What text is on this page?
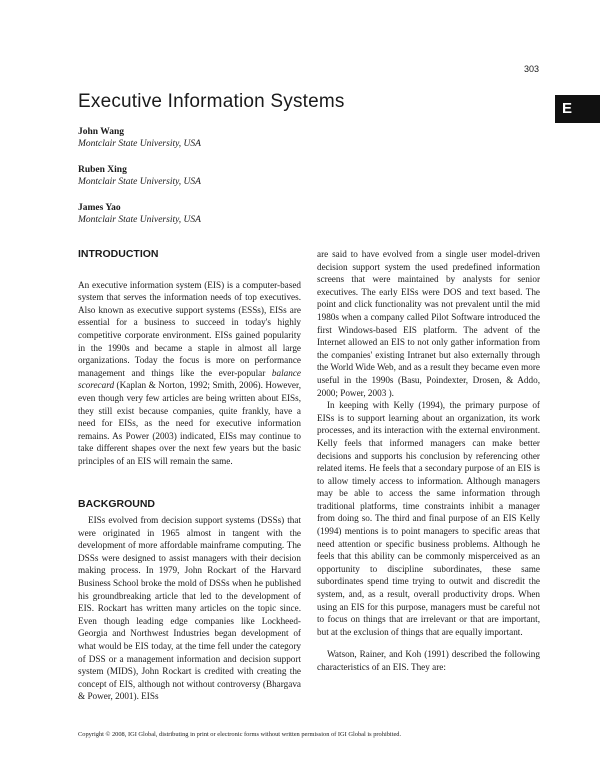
303
E
Executive Information Systems
John Wang
Montclair State University, USA
Ruben Xing
Montclair State University, USA
James Yao
Montclair State University, USA
INTRODUCTION

An executive information system (EIS) is a computer-based system that serves the information needs of top executives. Also known as executive support systems (ESSs), EISs are essential for a business to succeed in today's highly competitive corporate environment. EISs gained popularity in the 1990s and became a staple in almost all large organizations. Today the focus is more on performance management and things like the ever-popular balance scorecard (Kaplan & Norton, 1992; Smith, 2006). However, even though very few articles are being written about EISs, they still exist because companies, quite frankly, have a need for EISs, as the need for executive information remains. As Power (2003) indicated, EISs may continue to take different shapes over the next few years but the basic principles of an EIS will remain the same.

BACKGROUND

EISs evolved from decision support systems (DSSs) that were originated in 1965 almost in tangent with the development of more affordable mainframe computing. The DSSs were designed to assist managers with their decision making process. In 1979, John Rockart of the Harvard Business School broke the mold of DSSs when he published his groundbreaking article that led to the development of EIS. Rockart has written many articles on the topic since. Even though leading edge companies like Lockheed-Georgia and Northwest Industries began development of what would be EIS today, at the time fell under the category of DSS or a management information and decision support system (MIDS), John Rockart is credited with creating the concept of EIS, although not without controversy (Bhargava & Power, 2001). EISs

are said to have evolved from a single user model-driven decision support system the used predefined information screens that were maintained by analysts for senior executives. The early EISs were DOS and text based. The point and click functionality was not prevalent until the mid 1980s when a company called Pilot Software introduced the first Windows-based EIS platform. The advent of the Internet allowed an EIS to not only gather information from the companies' existing Intranet but also externally through the World Wide Web, and as a result they became even more useful in the 1990s (Basu, Poindexter, Drosen, & Addo, 2000; Power, 2003 ).

In keeping with Kelly (1994), the primary purpose of EISs is to support learning about an organization, its work processes, and its interaction with the external environment. Kelly feels that informed managers can make better decisions and supports his conclusion by referencing other related items. He feels that a secondary purpose of an EIS is to allow timely access to information. Although managers may be able to access the same information through traditional platforms, time constraints inhibit a manager from doing so. The third and final purpose of an EIS Kelly (1994) mentions is to point managers to specific areas that need attention or specific business problems. Although he feels that this ability can be commonly misperceived as an opportunity to discipline subordinates, these same subordinates spend time trying to outwit and discredit the system, and, as a result, overall productivity drops. When using an EIS for this purpose, managers must be careful not to focus on things that are irrelevant or that are important, but at the exclusion of things that are equally important.

Watson, Rainer, and Koh (1991) described the following characteristics of an EIS. They are:

Copyright © 2008, IGI Global, distributing in print or electronic forms without written permission of IGI Global is prohibited.
